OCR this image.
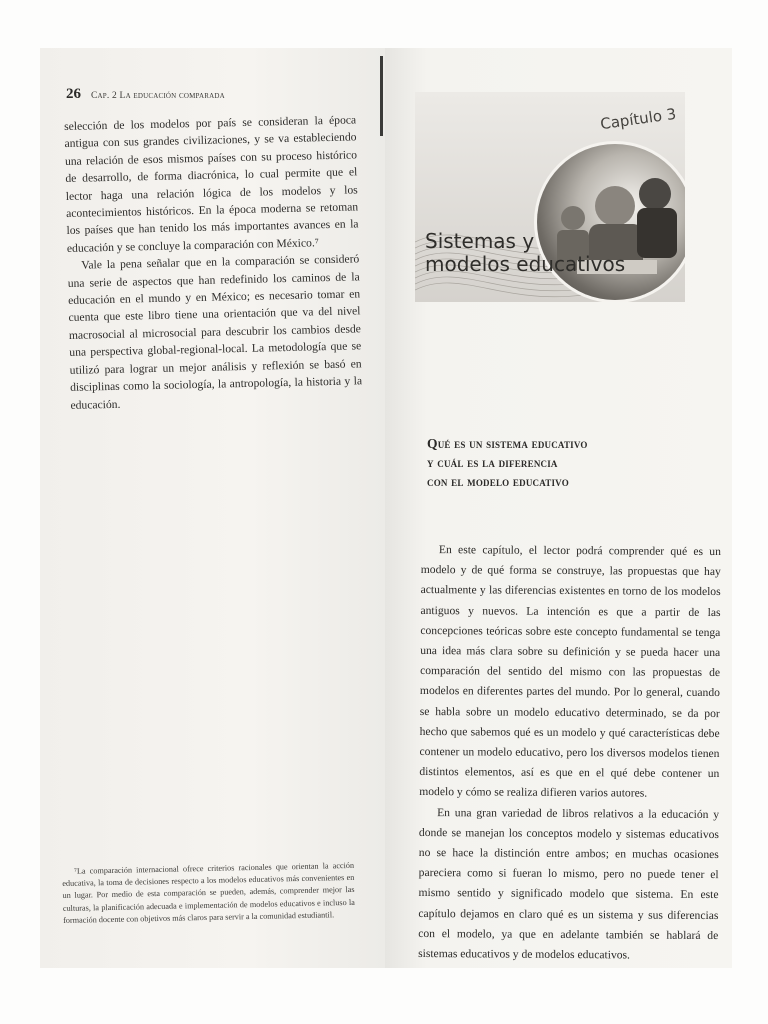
26 Cap. 2 La educación comparada

selección de los modelos por país se consideran la época antigua con sus grandes civilizaciones, y se va estableciendo una relación de esos mismos países con su proceso histórico de desarrollo, de forma diacrónica, lo cual permite que el lector haga una relación lógica de los modelos y los acontecimientos históricos. En la época moderna se retoman los países que han tenido los más importantes avances en la educación y se concluye la comparación con México.⁷

Vale la pena señalar que en la comparación se consideró una serie de aspectos que han redefinido los caminos de la educación en el mundo y en México; es necesario tomar en cuenta que este libro tiene una orientación que va del nivel macrosocial al microsocial para descubrir los cambios desde una perspectiva global-regional-local. La metodología que se utilizó para lograr un mejor análisis y reflexión se basó en disciplinas como la sociología, la antropología, la historia y la educación.

⁷La comparación internacional ofrece criterios racionales que orientan la acción educativa, la toma de decisiones respecto a los modelos educativos más convenientes en un lugar. Por medio de esta comparación se pueden, además, comprender mejor las culturas, la planificación adecuada e implementación de modelos educativos e incluso la formación docente con objetivos más claros para servir a la comunidad estudiantil.

Capítulo 3
Sistemas y
modelos educativos
Qué es un sistema educativo
y cuál es la diferencia
con el modelo educativo

En este capítulo, el lector podrá comprender qué es un modelo y de qué forma se construye, las propuestas que hay actualmente y las diferencias existentes en torno de los modelos antiguos y nuevos. La intención es que a partir de las concepciones teóricas sobre este concepto fundamental se tenga una idea más clara sobre su definición y se pueda hacer una comparación del sentido del mismo con las propuestas de modelos en diferentes partes del mundo. Por lo general, cuando se habla sobre un modelo educativo determinado, se da por hecho que sabemos qué es un modelo y qué características debe contener un modelo educativo, pero los diversos modelos tienen distintos elementos, así es que en el qué debe contener un modelo y cómo se realiza difieren varios autores.

En una gran variedad de libros relativos a la educación y donde se manejan los conceptos modelo y sistemas educativos no se hace la distinción entre ambos; en muchas ocasiones pareciera como si fueran lo mismo, pero no puede tener el mismo sentido y significado modelo que sistema. En este capítulo dejamos en claro qué es un sistema y sus diferencias con el modelo, ya que en adelante también se hablará de sistemas educativos y de modelos educativos.
